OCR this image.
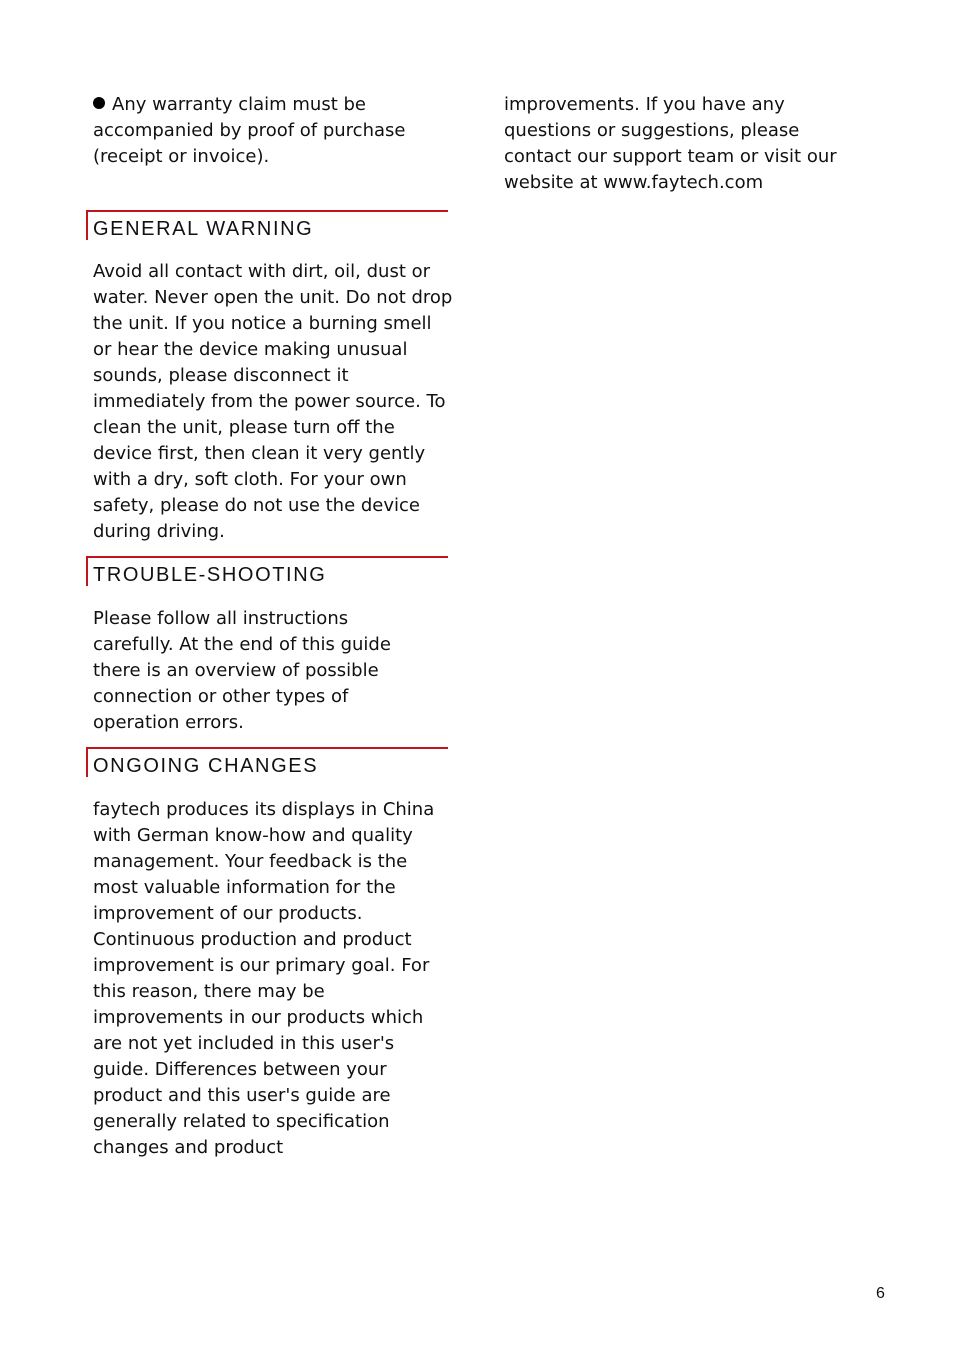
Any warranty claim must be accompanied by proof of purchase (receipt or invoice).

GENERAL WARNING

Avoid all contact with dirt, oil, dust or water. Never open the unit. Do not drop the unit. If you notice a burning smell or hear the device making unusual sounds, please disconnect it immediately from the power source. To clean the unit, please turn off the device first, then clean it very gently with a dry, soft cloth. For your own safety, please do not use the device during driving.

TROUBLE-SHOOTING

Please follow all instructions carefully. At the end of this guide there is an overview of possible connection or other types of operation errors.

ONGOING CHANGES

faytech produces its displays in China with German know-how and quality management. Your feedback is the most valuable information for the improvement of our products. Continuous production and product improvement is our primary goal. For this reason, there may be improvements in our products which are not yet included in this user's guide. Differences between your product and this user's guide are generally related to specification changes and product

improvements. If you have any questions or suggestions, please contact our support team or visit our website at www.faytech.com

6
